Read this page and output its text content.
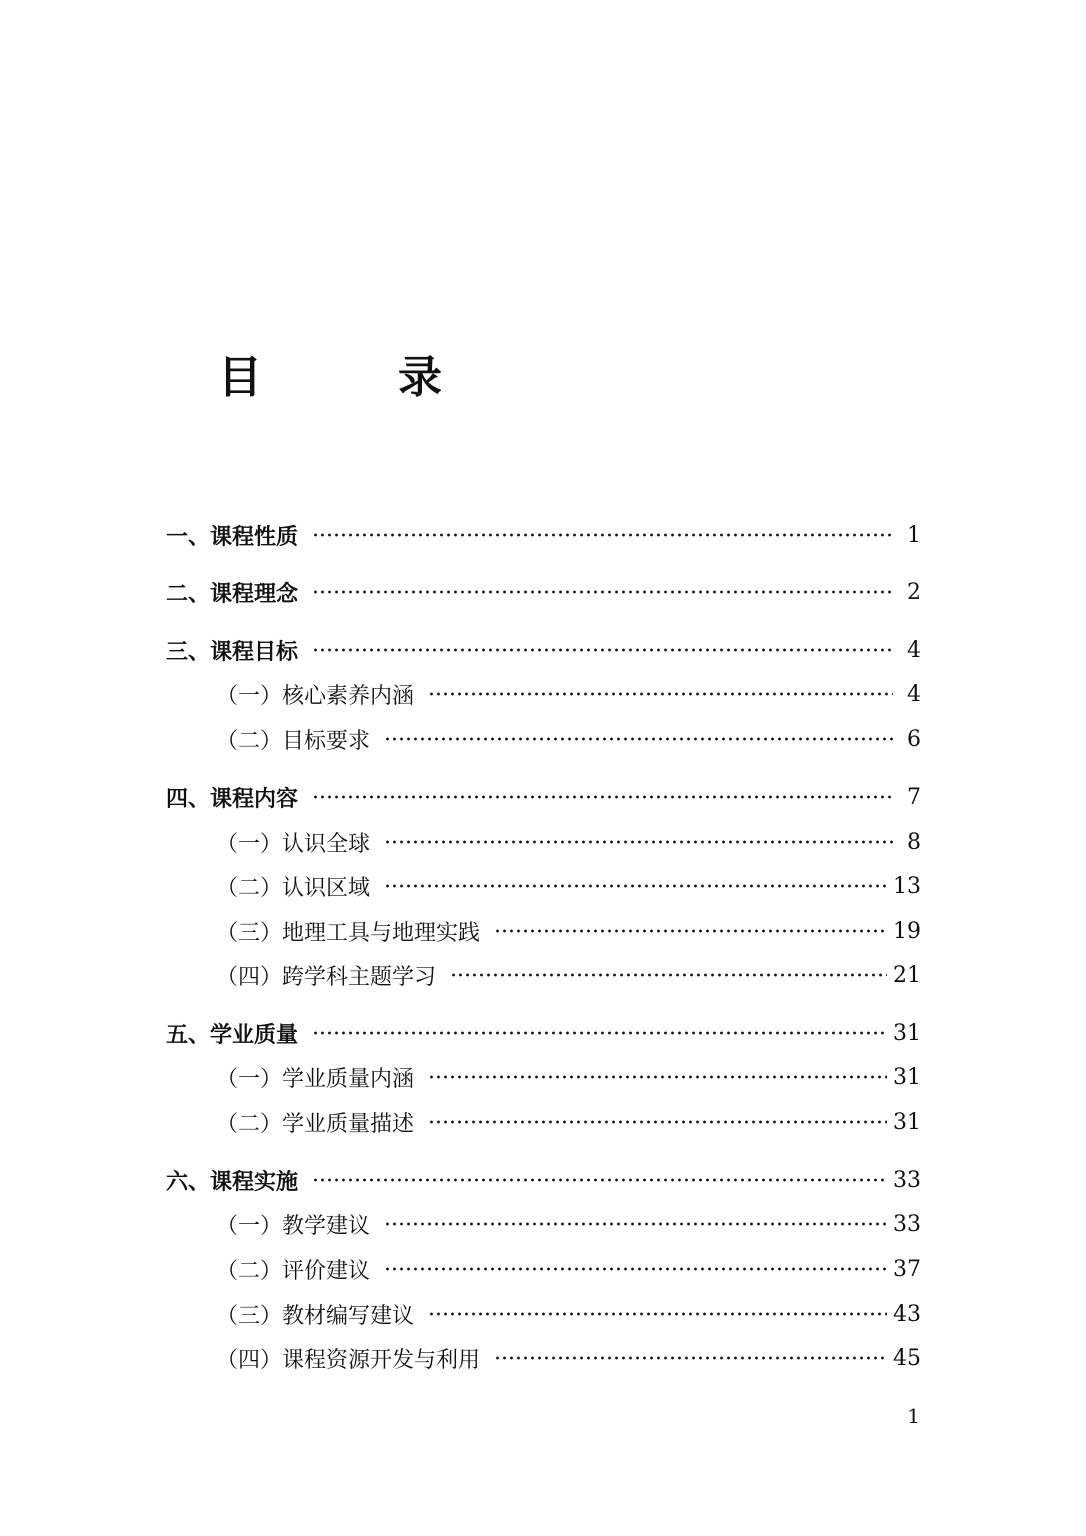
目　录
一、课程性质	1
二、课程理念	2
三、课程目标	4
（一）核心素养内涵	4
（二）目标要求	6
四、课程内容	7
（一）认识全球	8
（二）认识区域	13
（三）地理工具与地理实践	19
（四）跨学科主题学习	21
五、学业质量	31
（一）学业质量内涵	31
（二）学业质量描述	31
六、课程实施	33
（一）教学建议	33
（二）评价建议	37
（三）教材编写建议	43
（四）课程资源开发与利用	45
1
